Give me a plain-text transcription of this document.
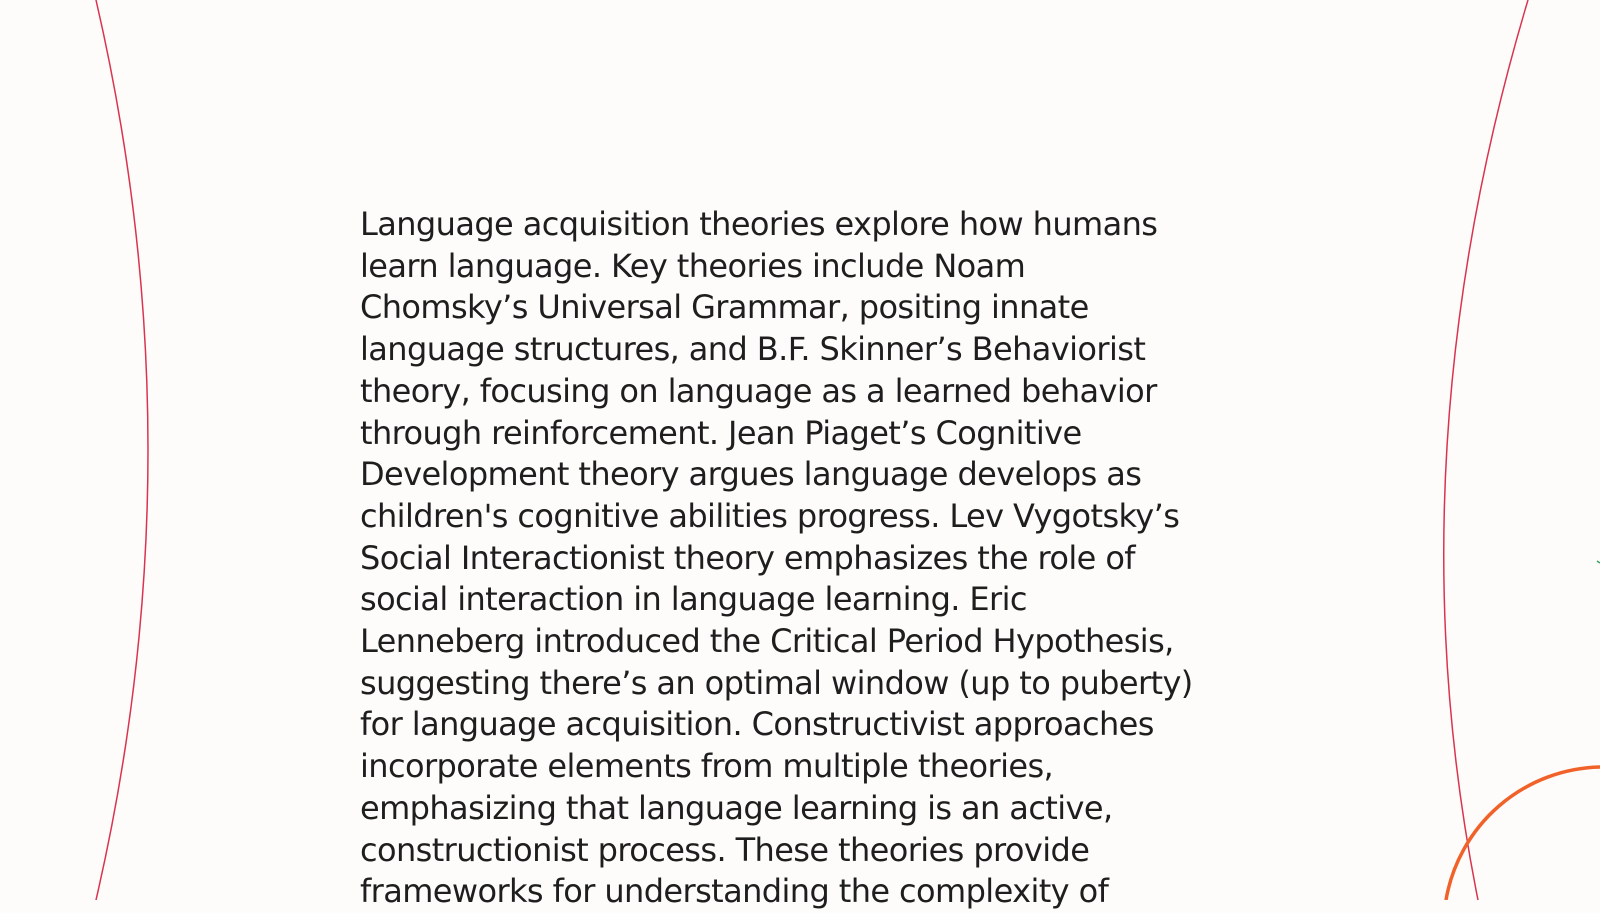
Language acquisition theories explore how humans
learn language. Key theories include Noam
Chomsky’s Universal Grammar, positing innate
language structures, and B.F. Skinner’s Behaviorist
theory, focusing on language as a learned behavior
through reinforcement. Jean Piaget’s Cognitive
Development theory argues language develops as
children's cognitive abilities progress. Lev Vygotsky’s
Social Interactionist theory emphasizes the role of
social interaction in language learning. Eric
Lenneberg introduced the Critical Period Hypothesis,
suggesting there’s an optimal window (up to puberty)
for language acquisition. Constructivist approaches
incorporate elements from multiple theories,
emphasizing that language learning is an active,
constructionist process. These theories provide
frameworks for understanding the complexity of
